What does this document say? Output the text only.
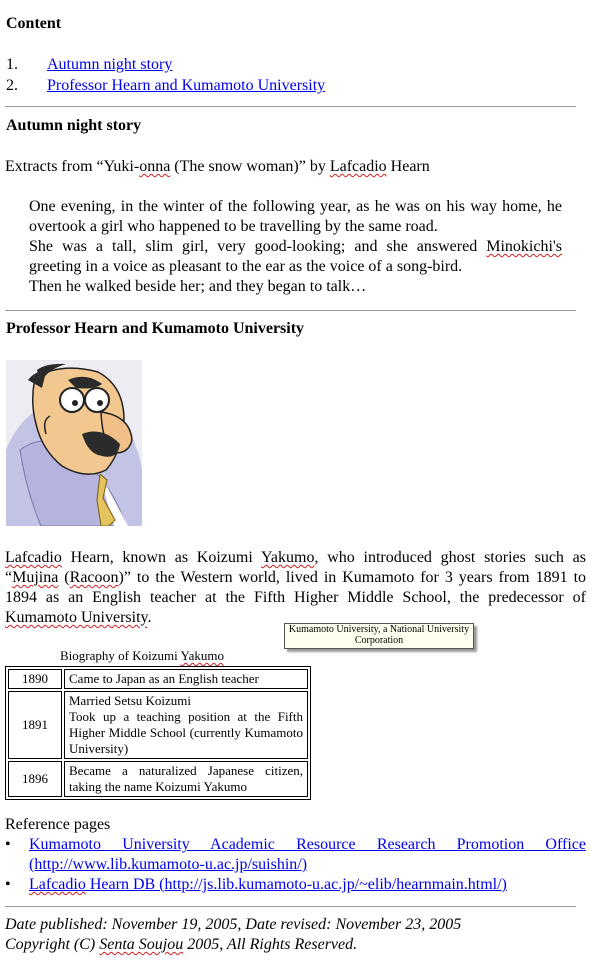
Content
1. Autumn night story
2. Professor Hearn and Kumamoto University
Autumn night story
Extracts from “Yuki-onna (The snow woman)” by Lafcadio Hearn

One evening, in the winter of the following year, as he was on his way home, he overtook a girl who happened to be travelling by the same road.

She was a tall, slim girl, very good-looking; and she answered Minokichi's greeting in a voice as pleasant to the ear as the voice of a song-bird.

Then he walked beside her; and they began to talk…

Professor Hearn and Kumamoto University
Lafcadio Hearn, known as Koizumi Yakumo, who introduced ghost stories such as “Mujina (Racoon)” to the Western world, lived in Kumamoto for 3 years from 1891 to 1894 as an English teacher at the Fifth Higher Middle School, the predecessor of Kumamoto University.
Kumamoto University, a National University Corporation
Biography of Koizumi Yakumo
1890	Came to Japan as an English teacher
1891	Married Setsu Koizumi
Took up a teaching position at the Fifth Higher Middle School (currently Kumamoto University)
1896	Became a naturalized Japanese citizen, taking the name Koizumi Yakumo
Reference pages
• Kumamoto University Academic Resource Research Promotion Office (http://www.lib.kumamoto-u.ac.jp/suishin/)
• Lafcadio Hearn DB (http://js.lib.kumamoto-u.ac.jp/~elib/hearnmain.html/)
Date published: November 19, 2005, Date revised: November 23, 2005
Copyright (C) Senta Soujou 2005, All Rights Reserved.
